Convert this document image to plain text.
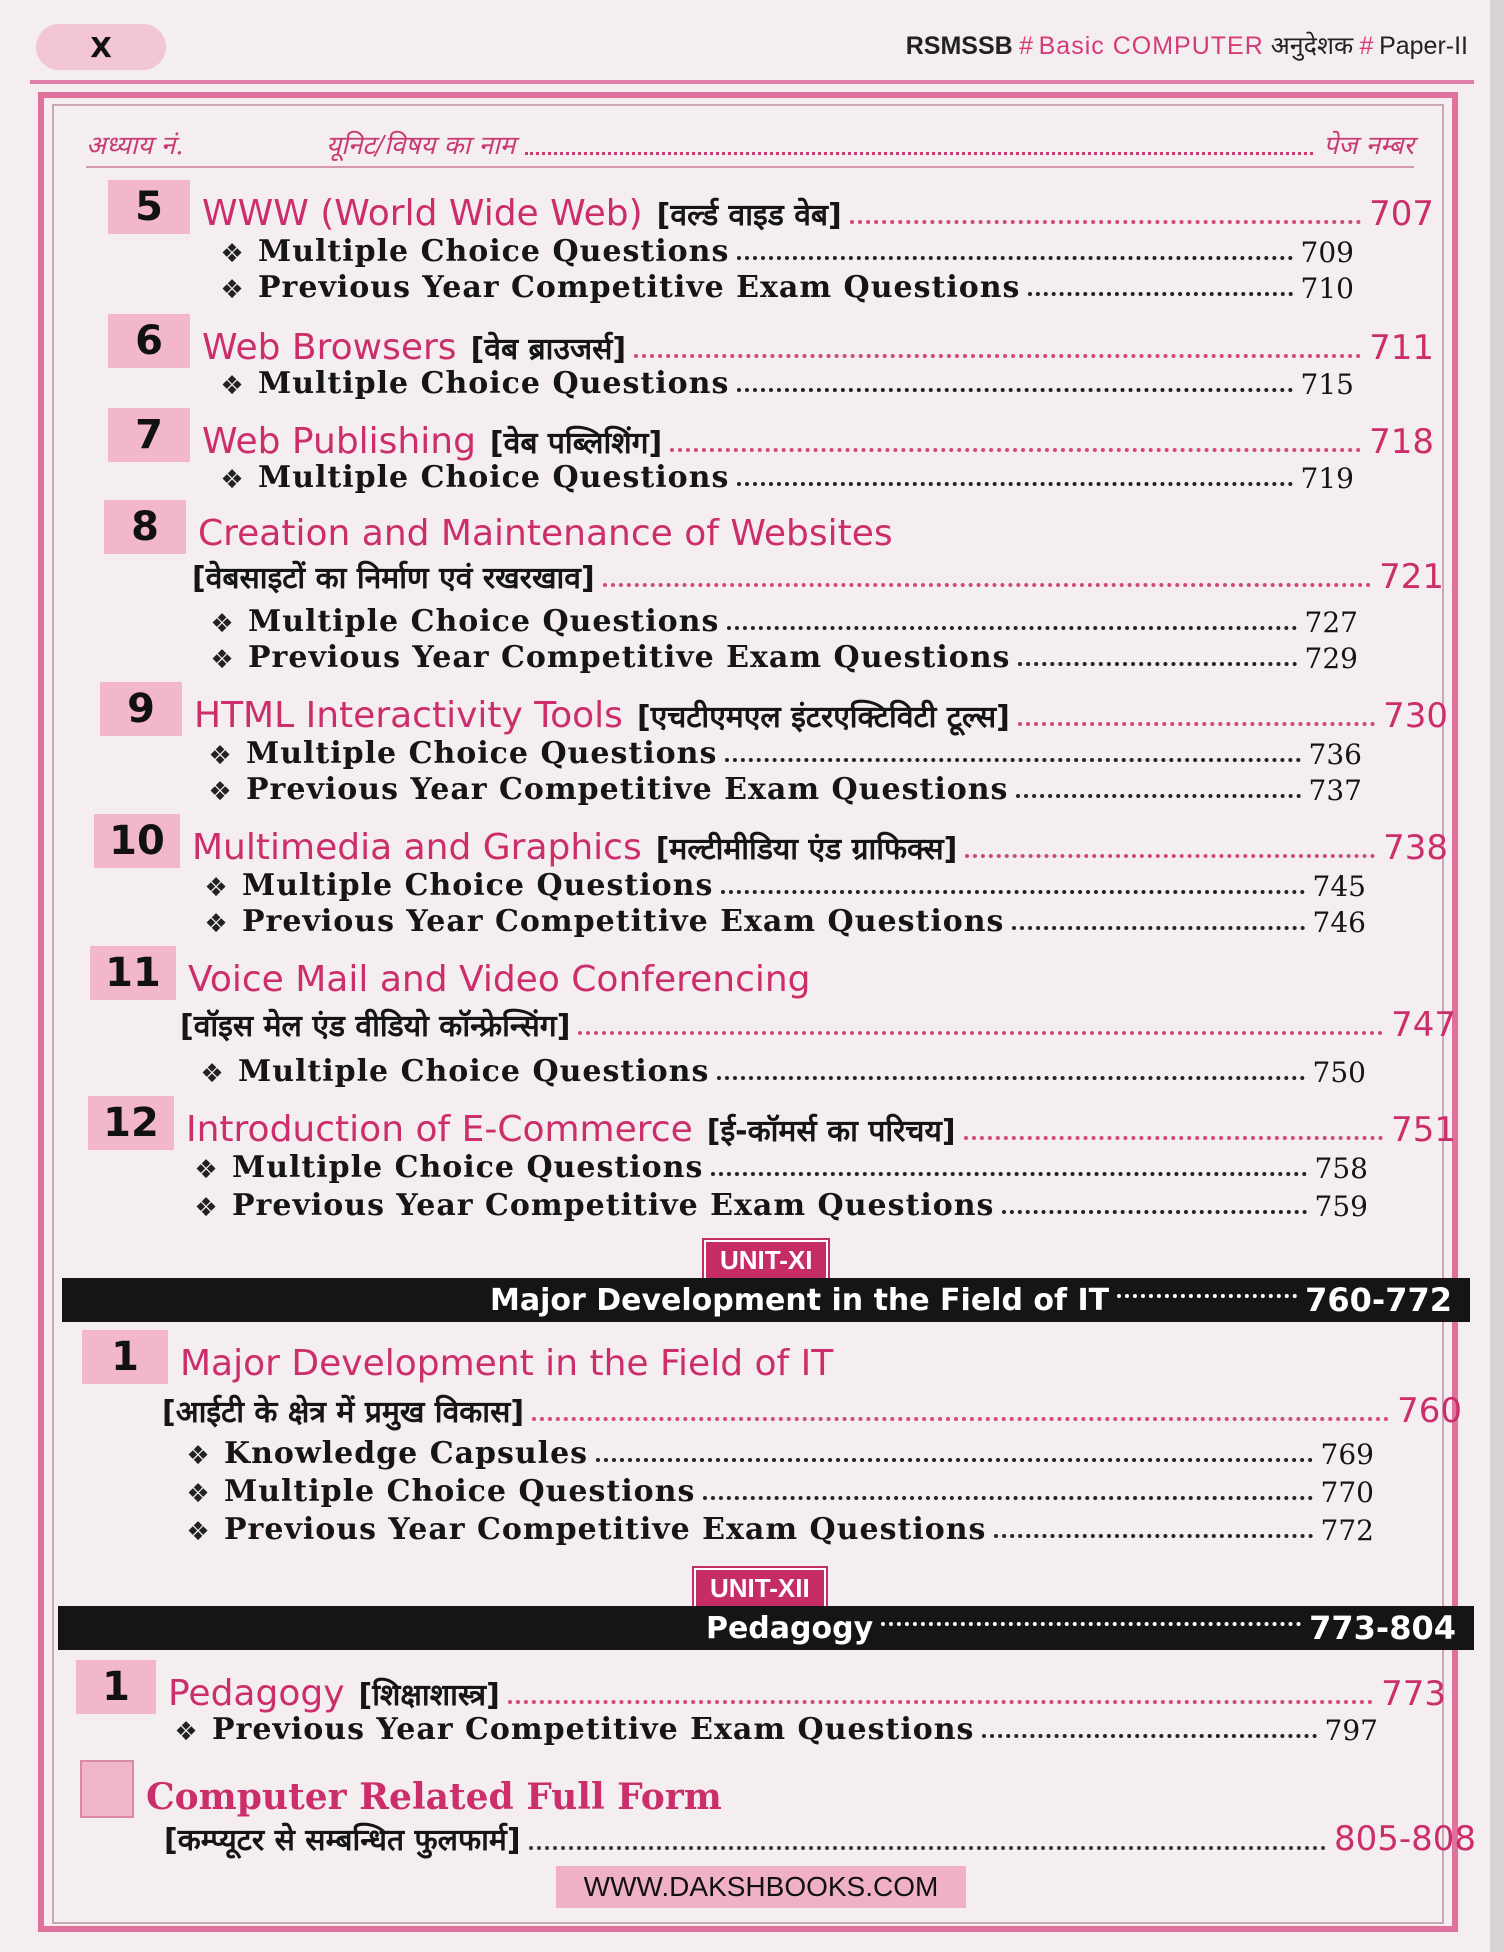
X	RSMSSB # Basic COMPUTER अनुदेशक # Paper-II
अध्याय नं.	यूनिट/विषय का नाम	पेज नम्बर
5	WWW (World Wide Web) [वर्ल्ड वाइड वेब]	707
❖ Multiple Choice Questions	709
❖ Previous Year Competitive Exam Questions	710
6	Web Browsers [वेब ब्राउजर्स]	711
❖ Multiple Choice Questions	715
7	Web Publishing [वेब पब्लिशिंग]	718
❖ Multiple Choice Questions	719
8	Creation and Maintenance of Websites
[वेबसाइटों का निर्माण एवं रखरखाव]	721
❖ Multiple Choice Questions	727
❖ Previous Year Competitive Exam Questions	729
9	HTML Interactivity Tools [एचटीएमएल इंटरएक्टिविटी टूल्स]	730
❖ Multiple Choice Questions	736
❖ Previous Year Competitive Exam Questions	737
10 Multimedia and Graphics [मल्टीमीडिया एंड ग्राफिक्स]	738
❖ Multiple Choice Questions	745
❖ Previous Year Competitive Exam Questions	746
11 Voice Mail and Video Conferencing
[वॉइस मेल एंड वीडियो कॉन्फ्रेन्सिंग]	747
❖ Multiple Choice Questions	750
12 Introduction of E-Commerce [ई-कॉमर्स का परिचय]	751
❖ Multiple Choice Questions	758
❖ Previous Year Competitive Exam Questions	759
UNIT-XI
Major Development in the Field of IT	760-772
1	Major Development in the Field of IT
[आईटी के क्षेत्र में प्रमुख विकास]	760
❖ Knowledge Capsules	769
❖ Multiple Choice Questions	770
❖ Previous Year Competitive Exam Questions	772
UNIT-XII
Pedagogy	773-804
1	Pedagogy [शिक्षाशास्त्र]	773
❖ Previous Year Competitive Exam Questions	797
Computer Related Full Form
[कम्प्यूटर से सम्बन्धित फुलफार्म]	805-808
WWW.DAKSHBOOKS.COM
